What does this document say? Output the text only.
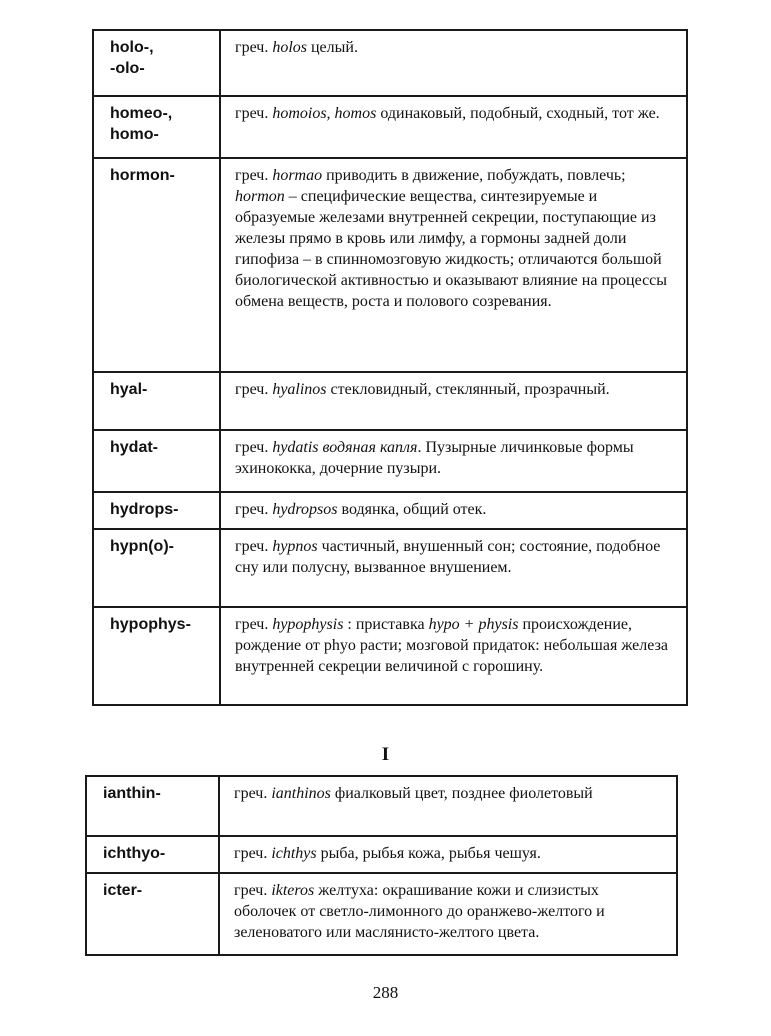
holo-,
-olo-	греч. holos целый.

homeo-,
homo-	греч. homoios, homos одинаковый, подобный, сходный, тот же.

hormon-	греч. hormao приводить в движение, побуждать, повлечь; hormon – специфические вещества, синтезируемые и образуемые железами внутренней секреции, поступающие из железы прямо в кровь или лимфу, а гормоны задней доли гипофиза – в спинномозговую жидкость; отличаются большой биологической активностью и оказывают влияние на процессы обмена веществ, роста и полового созревания.

hyal-	греч. hyalinos стекловидный, стеклянный, прозрачный.

hydat-	греч. hydatis водяная капля. Пузырные личинковые формы эхинококка, дочерние пузыри.

hydrops-	греч. hydropsos водянка, общий отек.

hypn(o)-	греч. hypnos частичный, внушенный сон; состояние, подобное сну или полусну, вызванное внушением.

hypophys-	греч. hypophysis : приставка hypo + physis происхождение, рождение от phyo расти; мозговой придаток: небольшая железа внутренней секреции величиной с горошину.
I
ianthin-	греч. ianthinos фиалковый цвет, позднее фиолетовый

ichthyo-	греч. ichthys рыба, рыбья кожа, рыбья чешуя.

icter-	греч. ikteros желтуха: окрашивание кожи и слизистых оболочек от светло-лимонного до оранжево-желтого и зеленоватого или маслянисто-желтого цвета.
288
